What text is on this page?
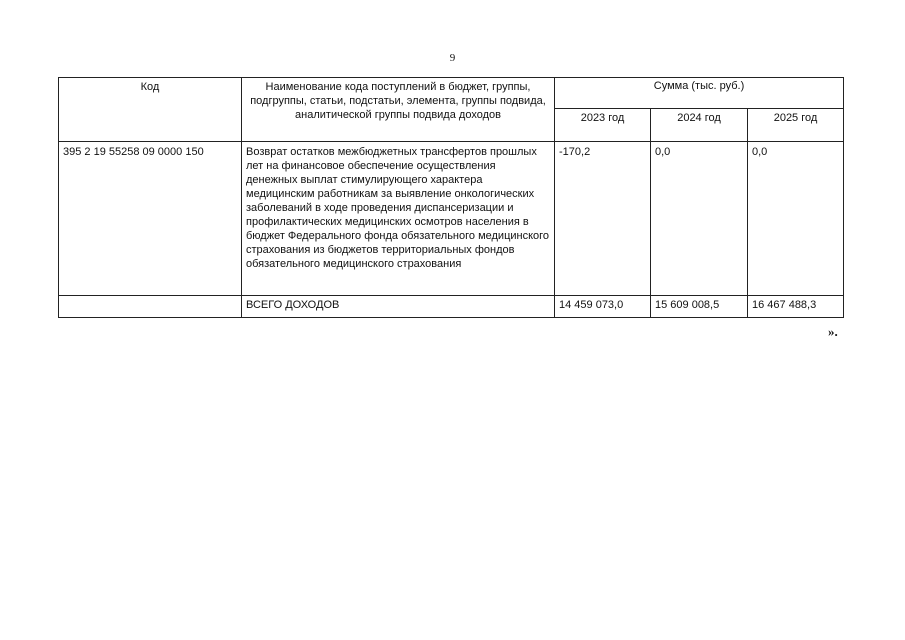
9
Код	Наименование кода поступлений в бюджет, группы, подгруппы, статьи, подстатьи, элемента, группы подвида, аналитической группы подвида доходов	Сумма (тыс. руб.)		
		2023 год	2024 год	2025 год
395 2 19 55258 09 0000 150	Возврат остатков межбюджетных трансфертов прошлых лет на финансовое обеспечение осуществления денежных выплат стимулирующего характера медицинским работникам за выявление онкологических заболеваний в ходе проведения диспансеризации и профилактических медицинских осмотров населения в бюджет Федерального фонда обязательного медицинского страхования из бюджетов территориальных фондов обязательного медицинского страхования	-170,2	0,0	0,0
	ВСЕГО ДОХОДОВ	14 459 073,0	15 609 008,5	16 467 488,3
».
